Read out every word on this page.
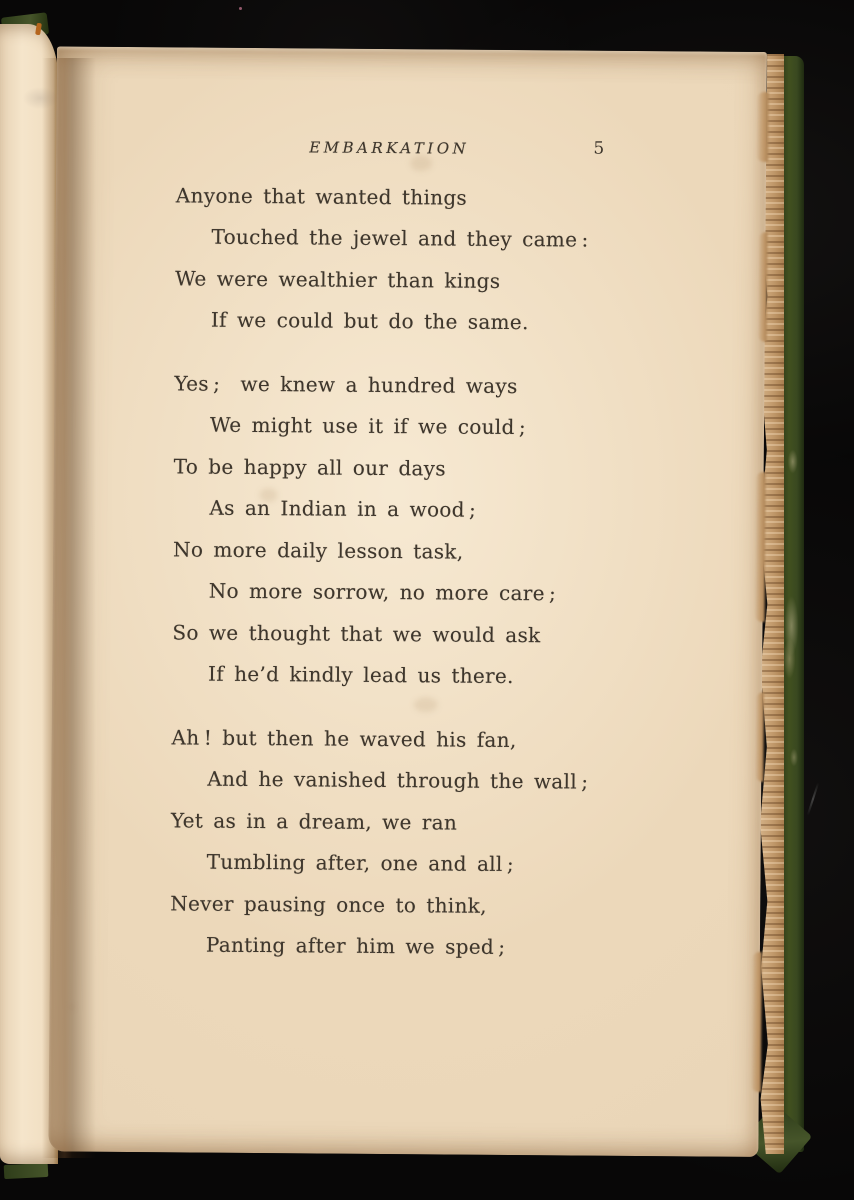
EMBARKATION	5
Anyone that wanted things
Touched the jewel and they came :
We were wealthier than kings
If we could but do the same.
Yes ;  we knew a hundred ways
We might use it if we could ;
To be happy all our days
As an Indian in a wood ;
No more daily lesson task,
No more sorrow, no more care ;
So we thought that we would ask
If he’d kindly lead us there.
Ah ! but then he waved his fan,
And he vanished through the wall ;
Yet as in a dream, we ran
Tumbling after, one and all ;
Never pausing once to think,
Panting after him we sped ;
